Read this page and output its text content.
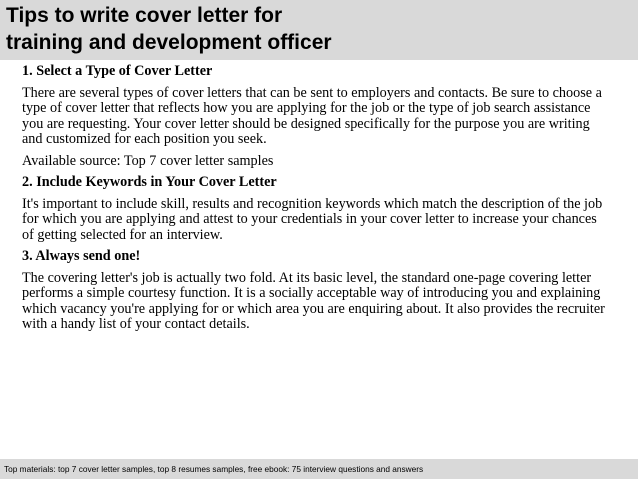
Tips to write cover letter for
training and development officer

1. Select a Type of Cover Letter

There are several types of cover letters that can be sent to employers and contacts. Be sure to choose a type of cover letter that reflects how you are applying for the job or the type of job search assistance you are requesting. Your cover letter should be designed specifically for the purpose you are writing and customized for each position you seek.

Available source: Top 7 cover letter samples

2. Include Keywords in Your Cover Letter

It's important to include skill, results and recognition keywords which match the description of the job for which you are applying and attest to your credentials in your cover letter to increase your chances of getting selected for an interview.

3. Always send one!

The covering letter's job is actually two fold. At its basic level, the standard one-page covering letter performs a simple courtesy function. It is a socially acceptable way of introducing you and explaining which vacancy you're applying for or which area you are enquiring about. It also provides the recruiter with a handy list of your contact details.

Top materials: top 7 cover letter samples, top 8 resumes samples, free ebook: 75 interview questions and answers
